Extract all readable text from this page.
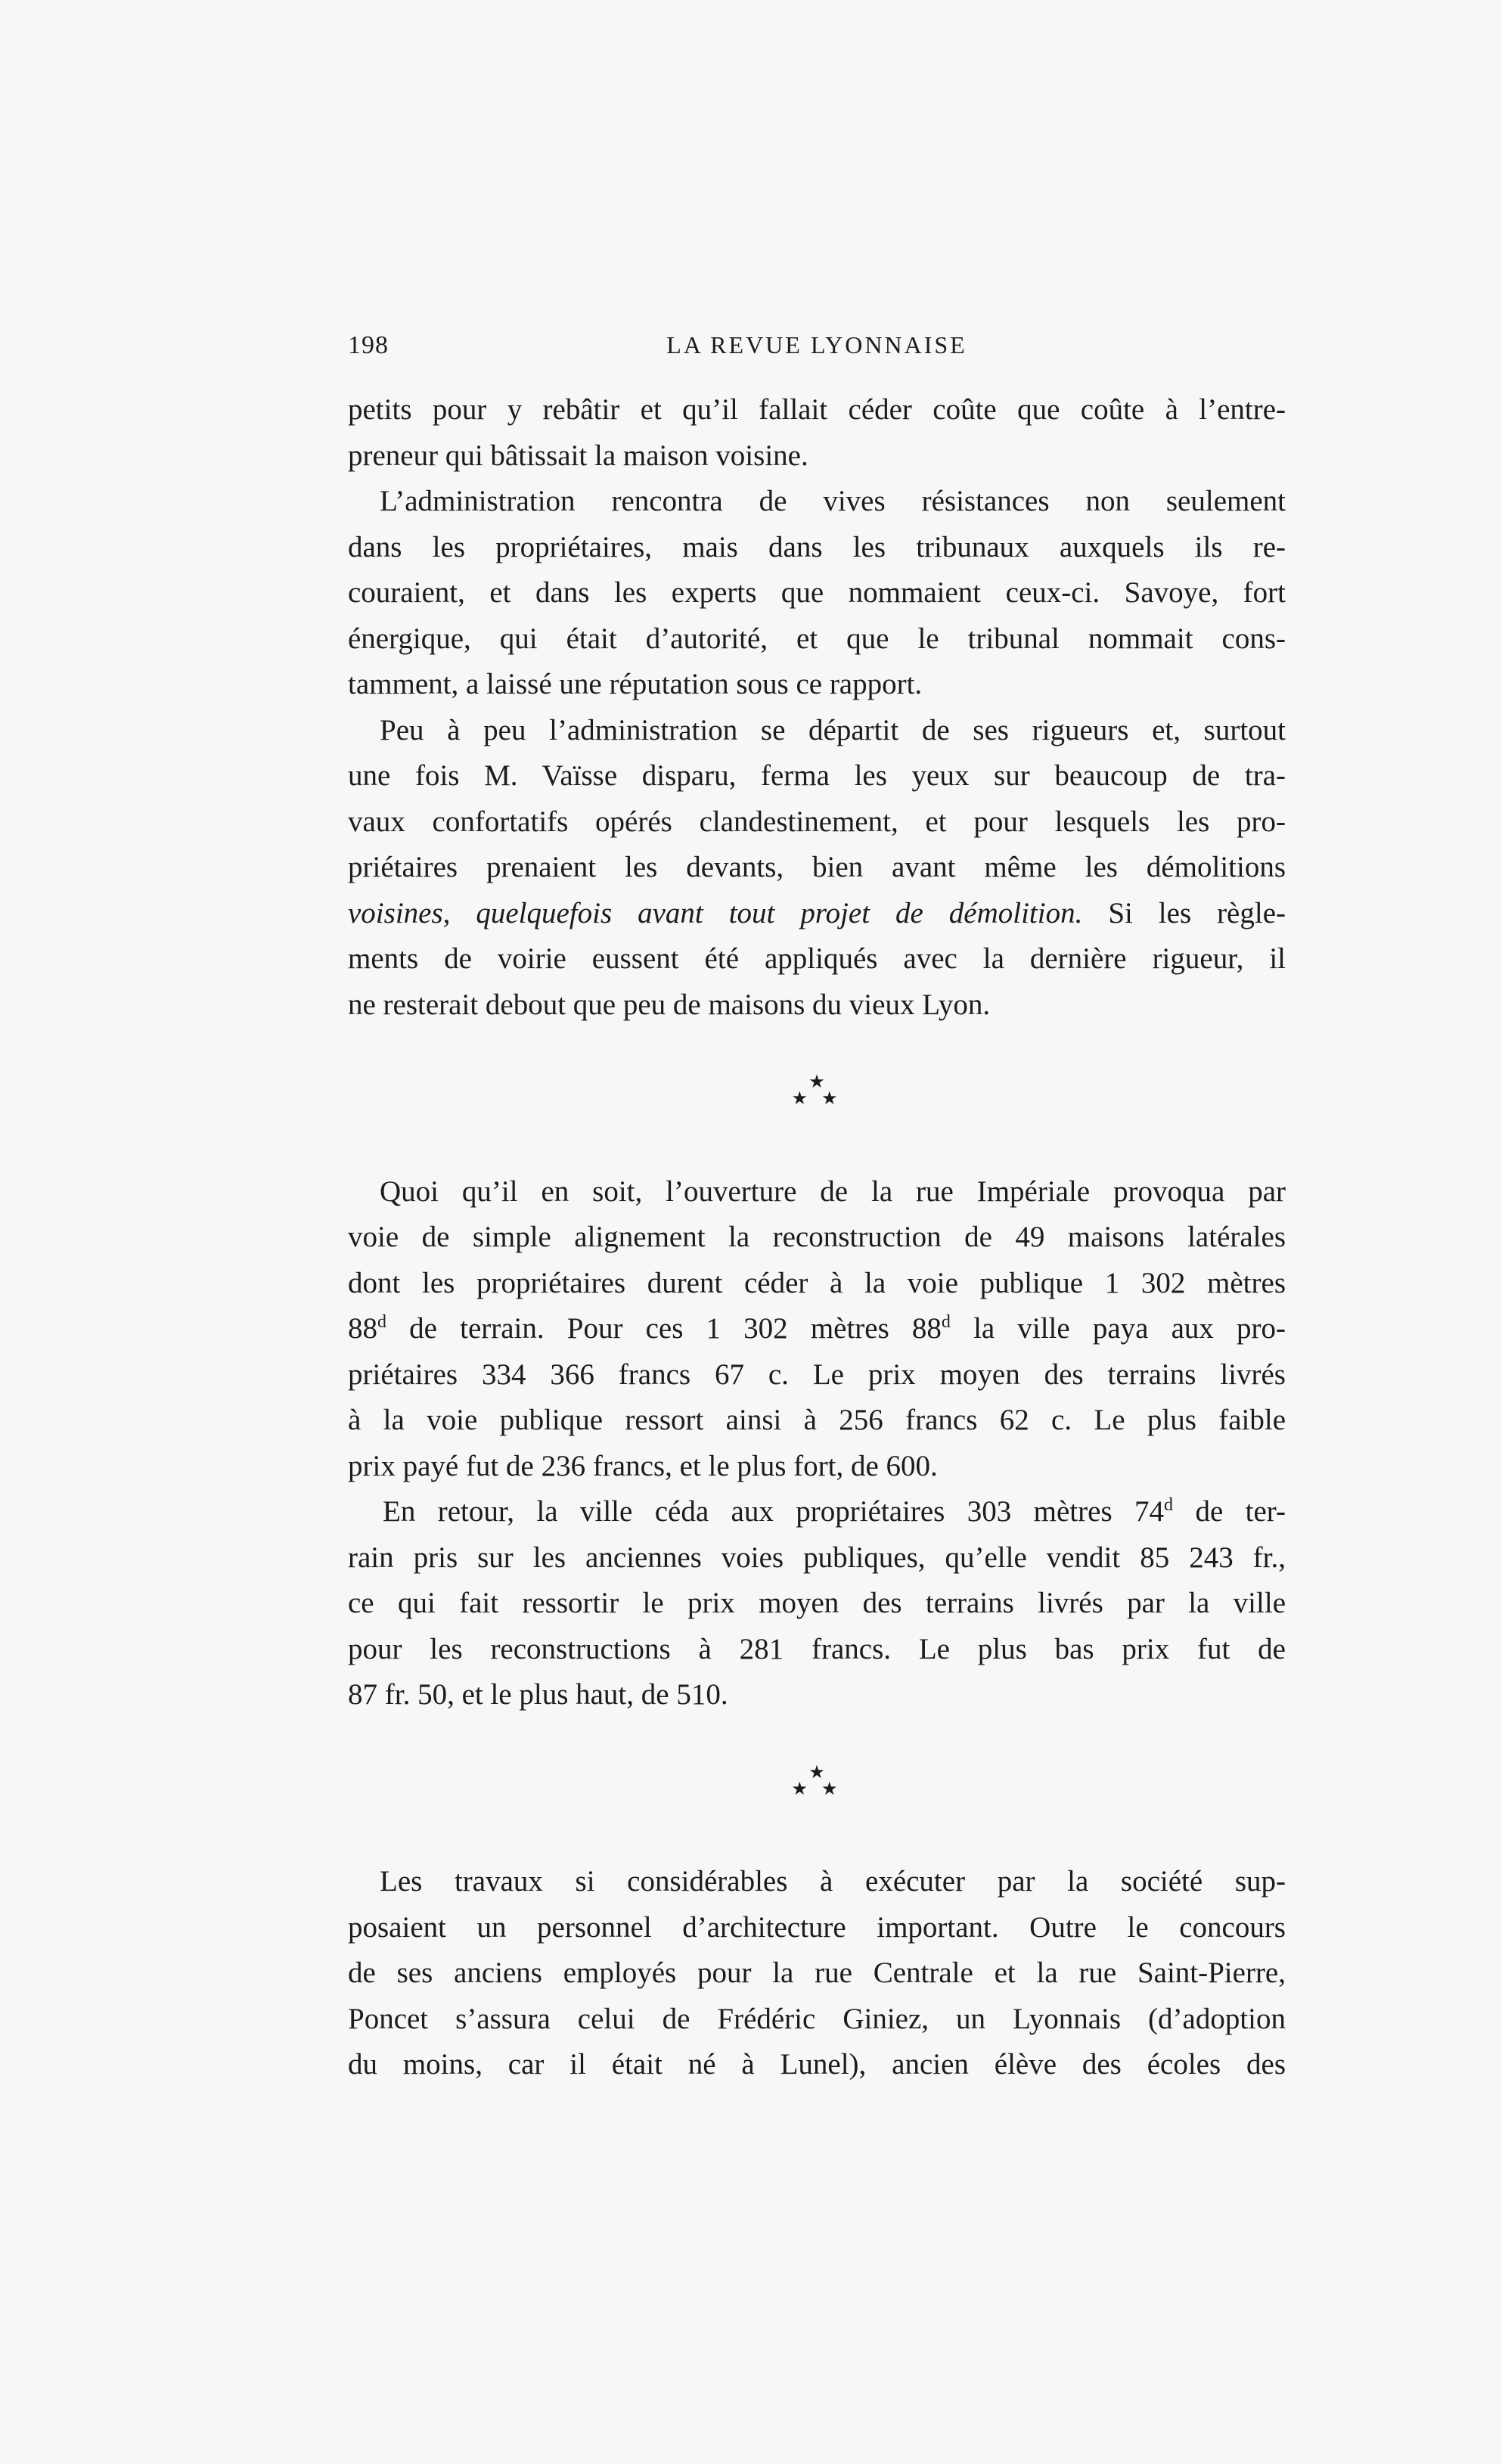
198	LA REVUE LYONNAISE
petits pour y rebâtir et qu’il fallait céder coûte que coûte à l’entre-
preneur qui bâtissait la maison voisine.
L’administration rencontra de vives résistances non seulement
dans les propriétaires, mais dans les tribunaux auxquels ils re-
couraient, et dans les experts que nommaient ceux-ci. Savoye, fort
énergique, qui était d’autorité, et que le tribunal nommait cons-
tamment, a laissé une réputation sous ce rapport.
Peu à peu l’administration se départit de ses rigueurs et, surtout
une fois M. Vaïsse disparu, ferma les yeux sur beaucoup de tra-
vaux confortatifs opérés clandestinement, et pour lesquels les pro-
priétaires prenaient les devants, bien avant même les démolitions
voisines, quelquefois avant tout projet de démolition. Si les règle-
ments de voirie eussent été appliqués avec la dernière rigueur, il
ne resterait debout que peu de maisons du vieux Lyon.
★
★ ★
Quoi qu’il en soit, l’ouverture de la rue Impériale provoqua par
voie de simple alignement la reconstruction de 49 maisons latérales
dont les propriétaires durent céder à la voie publique 1 302 mètres
88$^d$ de terrain. Pour ces 1 302 mètres 88$^d$ la ville paya aux pro-
priétaires 334 366 francs 67 c. Le prix moyen des terrains livrés
à la voie publique ressort ainsi à 256 francs 62 c. Le plus faible
prix payé fut de 236 francs, et le plus fort, de 600.
En retour, la ville céda aux propriétaires 303 mètres 74$^d$ de ter-
rain pris sur les anciennes voies publiques, qu’elle vendit 85 243 fr.,
ce qui fait ressortir le prix moyen des terrains livrés par la ville
pour les reconstructions à 281 francs. Le plus bas prix fut de
87 fr. 50, et le plus haut, de 510.
★
★ ★
Les travaux si considérables à exécuter par la société sup-
posaient un personnel d’architecture important. Outre le concours
de ses anciens employés pour la rue Centrale et la rue Saint-Pierre,
Poncet s’assura celui de Frédéric Giniez, un Lyonnais (d’adoption
du moins, car il était né à Lunel), ancien élève des écoles des
